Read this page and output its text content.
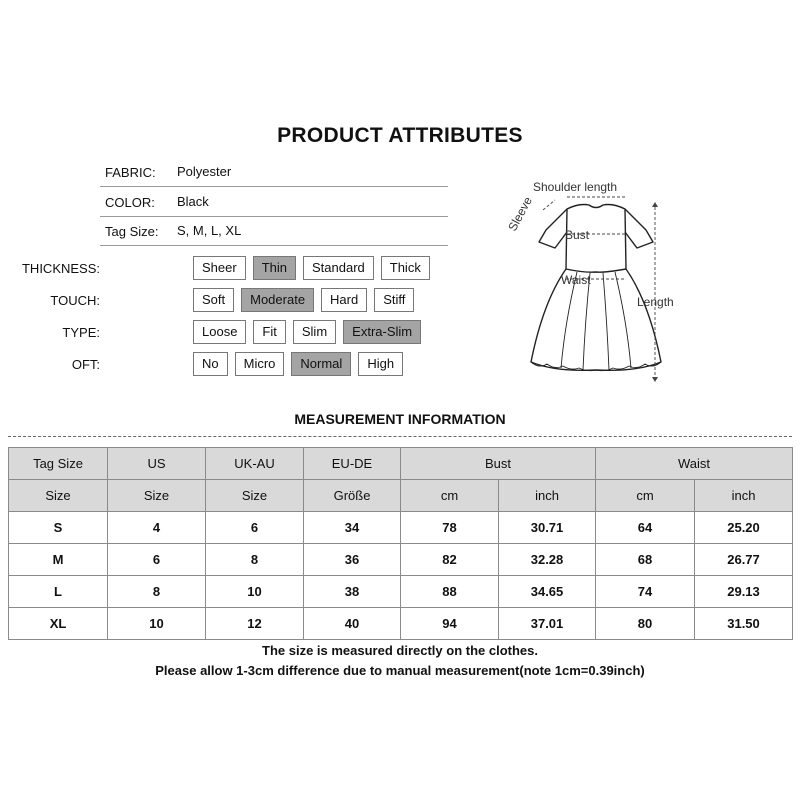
PRODUCT ATTRIBUTES
FABRIC: Polyester
COLOR: Black
Tag Size: S, M, L, XL
THICKNESS:	Sheer	Thin	Standard	Thick
TOUCH:	Soft	Moderate	Hard	Stiff
TYPE:	Loose	Fit	Slim	Extra-Slim
OFT:	No	Micro	Normal	High
Shoulder length
Sleeve
Bust
Waist
Length
MEASUREMENT INFORMATION
Tag Size	US	UK-AU	EU-DE	Bust		Waist	
Size	Size	Size	Größe	cm	inch	cm	inch
S	4	6	34	78	30.71	64	25.20
M	6	8	36	82	32.28	68	26.77
L	8	10	38	88	34.65	74	29.13
XL	10	12	40	94	37.01	80	31.50
The size is measured directly on the clothes.
Please allow 1-3cm difference due to manual measurement(note 1cm=0.39inch)
